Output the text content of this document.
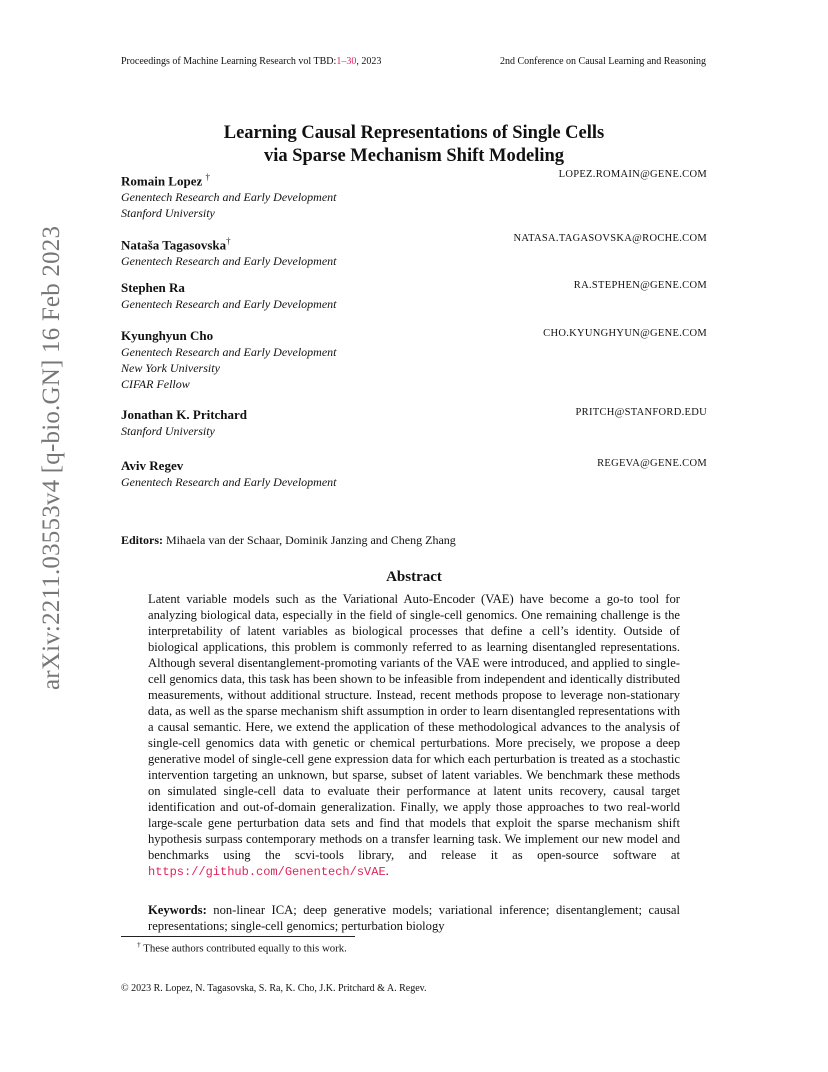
Proceedings of Machine Learning Research vol TBD:1–30, 2023	2nd Conference on Causal Learning and Reasoning
arXiv:2211.03553v4 [q-bio.GN] 16 Feb 2023
Learning Causal Representations of Single Cells
via Sparse Mechanism Shift Modeling
Romain Lopez †	LOPEZ.ROMAIN@GENE.COM
Genentech Research and Early Development
Stanford University
Nataša Tagasovska†	NATASA.TAGASOVSKA@ROCHE.COM
Genentech Research and Early Development
Stephen Ra	RA.STEPHEN@GENE.COM
Genentech Research and Early Development
Kyunghyun Cho	CHO.KYUNGHYUN@GENE.COM
Genentech Research and Early Development
New York University
CIFAR Fellow
Jonathan K. Pritchard	PRITCH@STANFORD.EDU
Stanford University
Aviv Regev	REGEVA@GENE.COM
Genentech Research and Early Development
Editors: Mihaela van der Schaar, Dominik Janzing and Cheng Zhang
Abstract
Latent variable models such as the Variational Auto-Encoder (VAE) have become a go-to tool for analyzing biological data, especially in the field of single-cell genomics. One remaining challenge is the interpretability of latent variables as biological processes that define a cell’s identity. Outside of biological applications, this problem is commonly referred to as learning disentangled representations. Although several disentanglement-promoting variants of the VAE were introduced, and applied to single-cell genomics data, this task has been shown to be infeasible from independent and identically distributed measurements, without additional structure. Instead, recent methods propose to leverage non-stationary data, as well as the sparse mechanism shift assumption in order to learn disentangled representations with a causal semantic. Here, we extend the application of these methodological advances to the analysis of single-cell genomics data with genetic or chemical perturbations. More precisely, we propose a deep generative model of single-cell gene expression data for which each perturbation is treated as a stochastic intervention targeting an unknown, but sparse, subset of latent variables. We benchmark these methods on simulated single-cell data to evaluate their performance at latent units recovery, causal target identification and out-of-domain generalization. Finally, we apply those approaches to two real-world large-scale gene perturbation data sets and find that models that exploit the sparse mechanism shift hypothesis surpass contemporary methods on a transfer learning task. We implement our new model and benchmarks using the scvi-tools library, and release it as open-source software at https://github.com/Genentech/sVAE.
Keywords: non-linear ICA; deep generative models; variational inference; disentanglement; causal representations; single-cell genomics; perturbation biology
† These authors contributed equally to this work.
© 2023 R. Lopez, N. Tagasovska, S. Ra, K. Cho, J.K. Pritchard & A. Regev.
